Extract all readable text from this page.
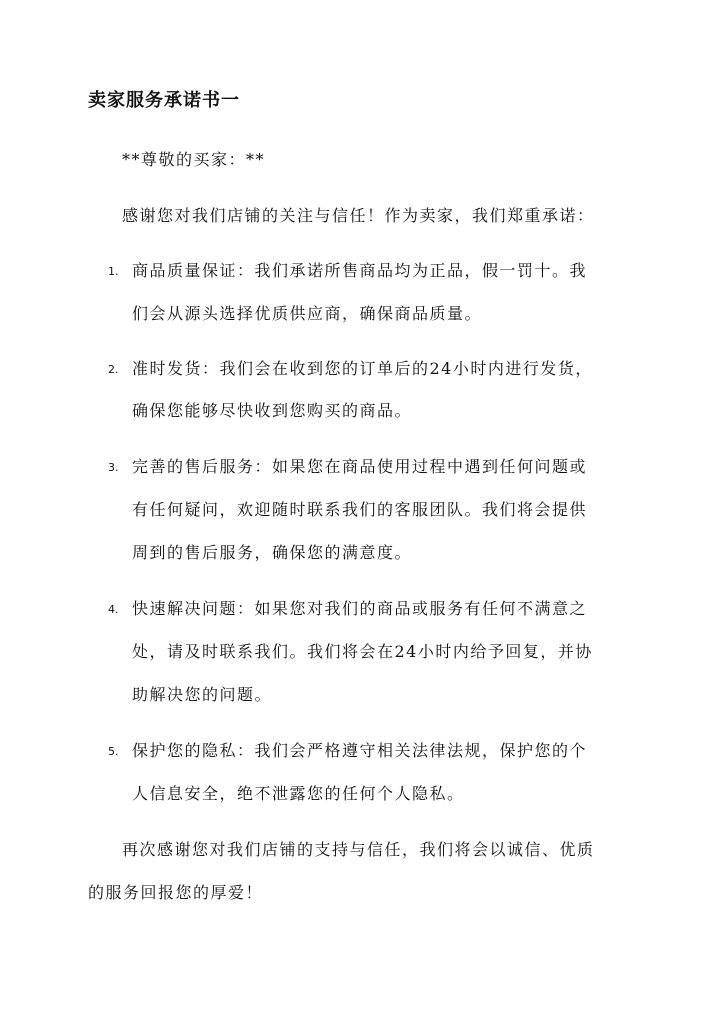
卖家服务承诺书一
**尊敬的买家：**
感谢您对我们店铺的关注与信任！作为卖家，我们郑重承诺：
1. 商品质量保证：我们承诺所售商品均为正品，假一罚十。我
们会从源头选择优质供应商，确保商品质量。
2. 准时发货：我们会在收到您的订单后的24小时内进行发货，
确保您能够尽快收到您购买的商品。
3. 完善的售后服务：如果您在商品使用过程中遇到任何问题或
有任何疑问，欢迎随时联系我们的客服团队。我们将会提供
周到的售后服务，确保您的满意度。
4. 快速解决问题：如果您对我们的商品或服务有任何不满意之
处，请及时联系我们。我们将会在24小时内给予回复，并协
助解决您的问题。
5. 保护您的隐私：我们会严格遵守相关法律法规，保护您的个
人信息安全，绝不泄露您的任何个人隐私。
再次感谢您对我们店铺的支持与信任，我们将会以诚信、优质
的服务回报您的厚爱！
